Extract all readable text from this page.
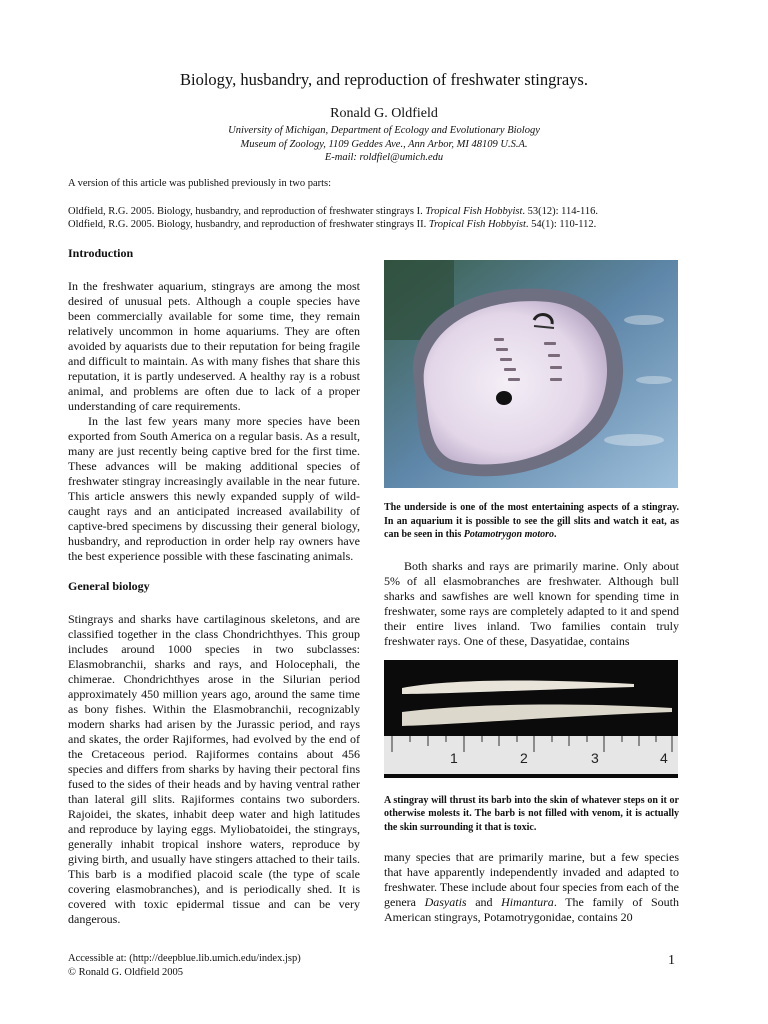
Biology, husbandry, and reproduction of freshwater stingrays.
Ronald G. Oldfield
University of Michigan, Department of Ecology and Evolutionary Biology
Museum of Zoology, 1109 Geddes Ave., Ann Arbor, MI 48109 U.S.A.
E-mail: roldfiel@umich.edu
A version of this article was published previously in two parts:
Oldfield, R.G. 2005. Biology, husbandry, and reproduction of freshwater stingrays I. Tropical Fish Hobbyist. 53(12): 114-116.
Oldfield, R.G. 2005. Biology, husbandry, and reproduction of freshwater stingrays II. Tropical Fish Hobbyist. 54(1): 110-112.
Introduction

In the freshwater aquarium, stingrays are among the most desired of unusual pets. Although a couple species have been commercially available for some time, they remain relatively uncommon in home aquariums. They are often avoided by aquarists due to their reputation for being fragile and difficult to maintain. As with many fishes that share this reputation, it is partly undeserved. A healthy ray is a robust animal, and problems are often due to lack of a proper understanding of care requirements.

In the last few years many more species have been exported from South America on a regular basis. As a result, many are just recently being captive bred for the first time. These advances will be making additional species of freshwater stingray increasingly available in the near future. This article answers this newly expanded supply of wild-caught rays and an anticipated increased availability of captive-bred specimens by discussing their general biology, husbandry, and reproduction in order help ray owners have the best experience possible with these fascinating animals.

General biology

Stingrays and sharks have cartilaginous skeletons, and are classified together in the class Chondrichthyes. This group includes around 1000 species in two subclasses: Elasmobranchii, sharks and rays, and Holocephali, the chimerae. Chondrichthyes arose in the Silurian period approximately 450 million years ago, around the same time as bony fishes. Within the Elasmobranchii, recognizably modern sharks had arisen by the Jurassic period, and rays and skates, the order Rajiformes, had evolved by the end of the Cretaceous period. Rajiformes contains about 456 species and differs from sharks by having their pectoral fins fused to the sides of their heads and by having ventral rather than lateral gill slits. Rajiformes contains two suborders. Rajoidei, the skates, inhabit deep water and high latitudes and reproduce by laying eggs. Myliobatoidei, the stingrays, generally inhabit tropical inshore waters, reproduce by giving birth, and usually have stingers attached to their tails. This barb is a modified placoid scale (the type of scale covering elasmobranches), and is periodically shed. It is covered with toxic epidermal tissue and can be very dangerous.

The underside is one of the most entertaining aspects of a stingray. In an aquarium it is possible to see the gill slits and watch it eat, as can be seen in this Potamotrygon motoro.

Both sharks and rays are primarily marine. Only about 5% of all elasmobranches are freshwater. Although bull sharks and sawfishes are well known for spending time in freshwater, some rays are completely adapted to it and spend their entire lives inland. Two families contain truly freshwater rays. One of these, Dasyatidae, contains

1	2	3	4

A stingray will thrust its barb into the skin of whatever steps on it or otherwise molests it. The barb is not filled with venom, it is actually the skin surrounding it that is toxic.

many species that are primarily marine, but a few species that have apparently independently invaded and adapted to freshwater. These include about four species from each of the genera Dasyatis and Himantura. The family of South American stingrays, Potamotrygonidae, contains 20

Accessible at: (http://deepblue.lib.umich.edu/index.jsp)
© Ronald G. Oldfield 2005
1
